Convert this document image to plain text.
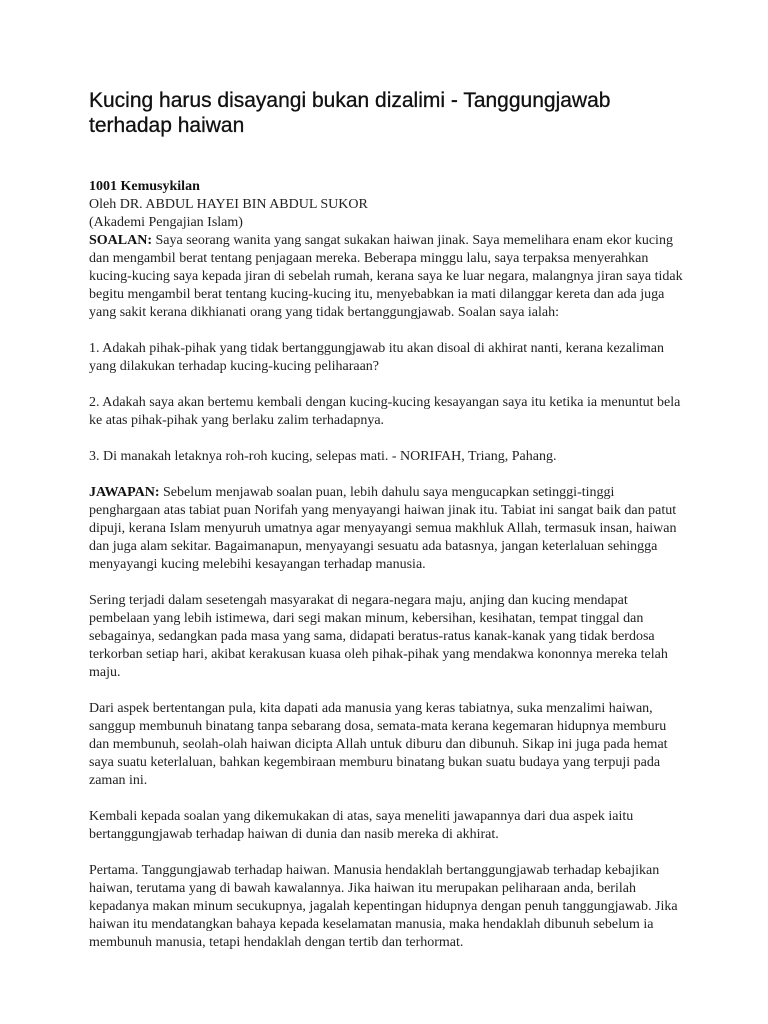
Kucing harus disayangi bukan dizalimi - Tanggungjawab terhadap haiwan

1001 Kemusykilan

Oleh DR. ABDUL HAYEI BIN ABDUL SUKOR

(Akademi Pengajian Islam)

SOALAN: Saya seorang wanita yang sangat sukakan haiwan jinak. Saya memelihara enam ekor kucing dan mengambil berat tentang penjagaan mereka. Beberapa minggu lalu, saya terpaksa menyerahkan kucing-kucing saya kepada jiran di sebelah rumah, kerana saya ke luar negara, malangnya jiran saya tidak begitu mengambil berat tentang kucing-kucing itu, menyebabkan ia mati dilanggar kereta dan ada juga yang sakit kerana dikhianati orang yang tidak bertanggungjawab. Soalan saya ialah:

1. Adakah pihak-pihak yang tidak bertanggungjawab itu akan disoal di akhirat nanti, kerana kezaliman yang dilakukan terhadap kucing-kucing peliharaan?

2. Adakah saya akan bertemu kembali dengan kucing-kucing kesayangan saya itu ketika ia menuntut bela ke atas pihak-pihak yang berlaku zalim terhadapnya.

3. Di manakah letaknya roh-roh kucing, selepas mati. - NORIFAH, Triang, Pahang.

JAWAPAN: Sebelum menjawab soalan puan, lebih dahulu saya mengucapkan setinggi-tinggi penghargaan atas tabiat puan Norifah yang menyayangi haiwan jinak itu. Tabiat ini sangat baik dan patut dipuji, kerana Islam menyuruh umatnya agar menyayangi semua makhluk Allah, termasuk insan, haiwan dan juga alam sekitar. Bagaimanapun, menyayangi sesuatu ada batasnya, jangan keterlaluan sehingga menyayangi kucing melebihi kesayangan terhadap manusia.

Sering terjadi dalam sesetengah masyarakat di negara-negara maju, anjing dan kucing mendapat pembelaan yang lebih istimewa, dari segi makan minum, kebersihan, kesihatan, tempat tinggal dan sebagainya, sedangkan pada masa yang sama, didapati beratus-ratus kanak-kanak yang tidak berdosa terkorban setiap hari, akibat kerakusan kuasa oleh pihak-pihak yang mendakwa kononnya mereka telah maju.

Dari aspek bertentangan pula, kita dapati ada manusia yang keras tabiatnya, suka menzalimi haiwan, sanggup membunuh binatang tanpa sebarang dosa, semata-mata kerana kegemaran hidupnya memburu dan membunuh, seolah-olah haiwan dicipta Allah untuk diburu dan dibunuh. Sikap ini juga pada hemat saya suatu keterlaluan, bahkan kegembiraan memburu binatang bukan suatu budaya yang terpuji pada zaman ini.

Kembali kepada soalan yang dikemukakan di atas, saya meneliti jawapannya dari dua aspek iaitu bertanggungjawab terhadap haiwan di dunia dan nasib mereka di akhirat.

Pertama. Tanggungjawab terhadap haiwan. Manusia hendaklah bertanggungjawab terhadap kebajikan haiwan, terutama yang di bawah kawalannya. Jika haiwan itu merupakan peliharaan anda, berilah kepadanya makan minum secukupnya, jagalah kepentingan hidupnya dengan penuh tanggungjawab. Jika haiwan itu mendatangkan bahaya kepada keselamatan manusia, maka hendaklah dibunuh sebelum ia membunuh manusia, tetapi hendaklah dengan tertib dan terhormat.
